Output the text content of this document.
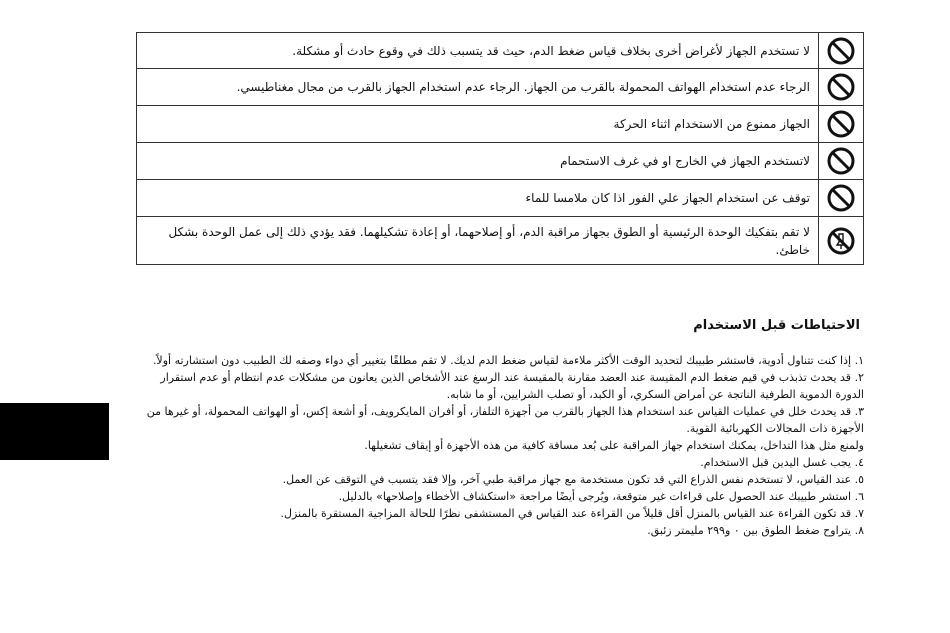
	لا تستخدم الجهاز لأغراض أخرى بخلاف قياس ضغط الدم، حيث قد يتسبب ذلك في وقوع حادث أو مشكلة.

	الرجاء عدم استخدام الهواتف المحمولة بالقرب من الجهاز. الرجاء عدم استخدام الجهاز بالقرب من مجال مغناطيسي.

	الجهاز ممنوع من الاستخدام اثناء الحركة

	لاتستخدم الجهاز في الخارج او في غرف الاستحمام

	توقف عن استخدام الجهاز علي الفور اذا كان ملامسا للماء

	لا تقم بتفكيك الوحدة الرئيسية أو الطوق بجهاز مراقبة الدم، أو إصلاحهما، أو إعادة تشكيلهما. فقد يؤدي ذلك إلى عمل الوحدة بشكل خاطئ.
الاحتياطات قبل الاستخدام

١. إذا كنت تتناول أدوية، فاستشر طبيبك لتحديد الوقت الأكثر ملاءمة لقياس ضغط الدم لديك. لا تقم مطلقًا بتغيير أي دواء وصفه لك الطبيب دون استشارته أولاً.

٢. قد يحدث تذبذب في قيم ضغط الدم المقيسة عند العضد مقارنة بالمقيسة عند الرسغ عند الأشخاص الذين يعانون من مشكلات عدم انتظام أو عدم استقرار الدورة الدموية الطرفية الناتجة عن أمراض السكري، أو الكبد، أو تصلب الشرايين، أو ما شابه.

٣. قد يحدث خلل في عمليات القياس عند استخدام هذا الجهاز بالقرب من أجهزة التلفاز، أو أفران المايكرويف، أو أشعة إكس، أو الهواتف المحمولة، أو غيرها من الأجهزة ذات المجالات الكهربائية القوية.

ولمنع مثل هذا التداخل، يمكنك استخدام جهاز المراقبة على بُعد مسافة كافية من هذه الأجهزة أو إيقاف تشغيلها.

٤. يجب غسل اليدين قبل الاستخدام.

٥. عند القياس، لا تستخدم نفس الذراع التي قد تكون مستخدمة مع جهاز مراقبة طبي آخر، وإلا فقد يتسبب في التوقف عن العمل.

٦. استشر طبيبك عند الحصول على قراءات غير متوقعة، ويُرجى أيضًا مراجعة «استكشاف الأخطاء وإصلاحها» بالدليل.

٧. قد تكون القراءة عند القياس بالمنزل أقل قليلاً من القراءة عند القياس في المستشفى نظرًا للحالة المزاجية المستقرة بالمنزل.

٨. يتراوح ضغط الطوق بين ٠ و٢٩٩ مليمتر زئبق.
